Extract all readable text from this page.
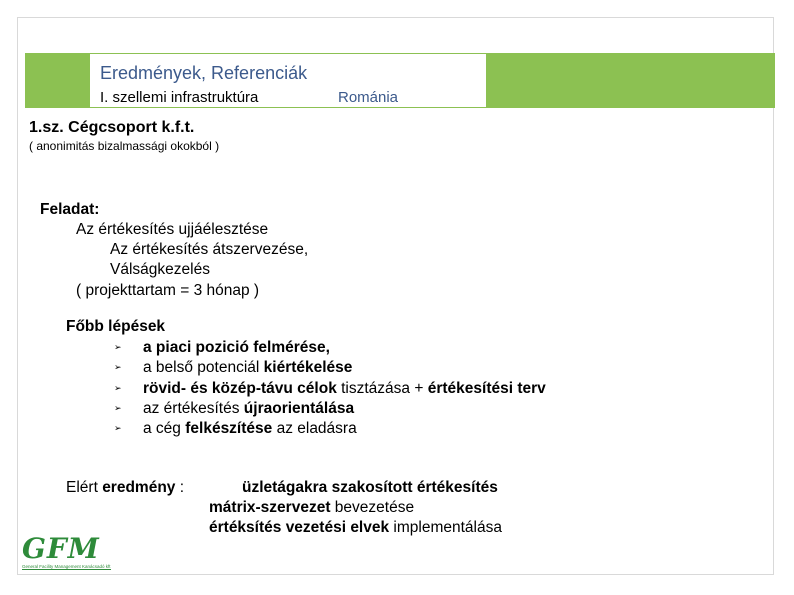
Eredmények, Referenciák
I. szellemi infrastruktúra	Románia
1.sz. Cégcsoport k.f.t.
( anonimitás bizalmassági okokból )
Feladat:
Az értékesítés ujjáélesztése
Az értékesítés átszervezése,
Válságkezelés
( projekttartam = 3 hónap )
Főbb lépések
➢ a piaci pozició felmérése,
➢ a belső potenciál kiértékelése
➢ rövid- és közép-távu célok tisztázása + értékesítési terv
➢ az értékesítés újraorientálása
➢ a cég felkészítése az eladásra
Elért eredmény :	üzletágakra szakosított értékesítés
mátrix-szervezet bevezetése
értéksítés vezetési elvek implementálása
GFM
General Facility Management Kanácsadó kft
